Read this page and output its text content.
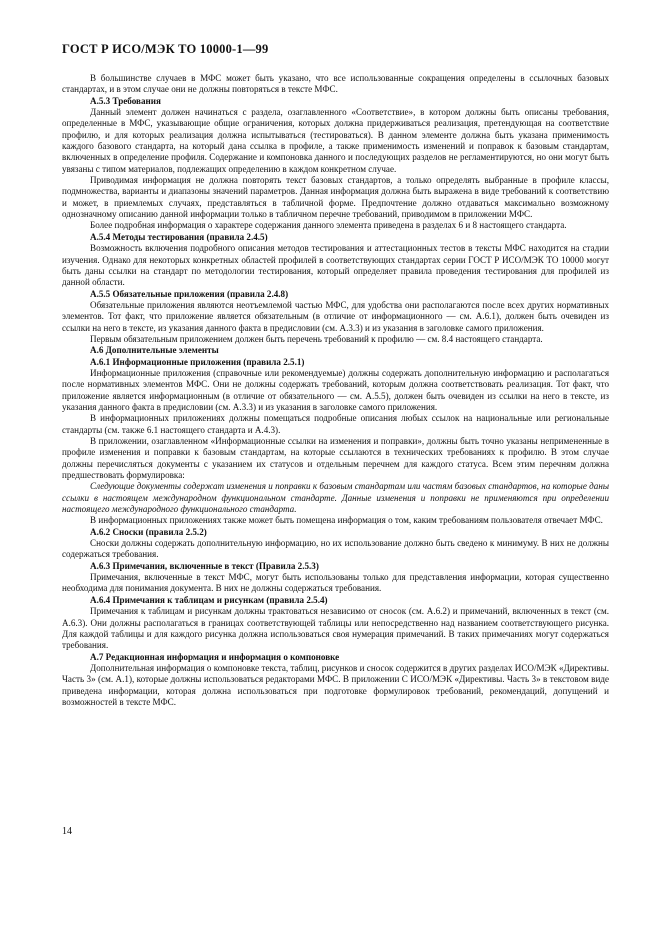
ГОСТ Р ИСО/МЭК ТО 10000-1—99

В большинстве случаев в МФС может быть указано, что все использованные сокращения определены в ссылочных базовых стандартах, и в этом случае они не должны повторяться в тексте МФС.

А.5.3 Требования

Данный элемент должен начинаться с раздела, озаглавленного «Соответствие», в котором должны быть описаны требования, определенные в МФС, указывающие общие ограничения, которых должна придерживаться реализация, претендующая на соответствие профилю, и для которых реализация должна испытываться (тестироваться). В данном элементе должна быть указана применимость каждого базового стандарта, на который дана ссылка в профиле, а также применимость изменений и поправок к базовым стандартам, включенных в определение профиля. Содержание и компоновка данного и последующих разделов не регламентируются, но они могут быть увязаны с типом материалов, подлежащих определению в каждом конкретном случае.

Приводимая информация не должна повторять текст базовых стандартов, а только определять выбранные в профиле классы, подмножества, варианты и диапазоны значений параметров. Данная информация должна быть выражена в виде требований к соответствию и может, в приемлемых случаях, представляться в табличной форме. Предпочтение должно отдаваться максимально возможному однозначному описанию данной информации только в табличном перечне требований, приводимом в приложении МФС.

Более подробная информация о характере содержания данного элемента приведена в разделах 6 и 8 настоящего стандарта.

А.5.4 Методы тестирования (правила 2.4.5)

Возможность включения подробного описания методов тестирования и аттестационных тестов в тексты МФС находится на стадии изучения. Однако для некоторых конкретных областей профилей в соответствующих стандартах серии ГОСТ Р ИСО/МЭК ТО 10000 могут быть даны ссылки на стандарт по методологии тестирования, который определяет правила проведения тестирования для профилей из данной области.

А.5.5 Обязательные приложения (правила 2.4.8)

Обязательные приложения являются неотъемлемой частью МФС, для удобства они располагаются после всех других нормативных элементов. Тот факт, что приложение является обязательным (в отличие от информационного — см. А.6.1), должен быть очевиден из ссылки на него в тексте, из указания данного факта в предисловии (см. А.3.3) и из указания в заголовке самого приложения.

Первым обязательным приложением должен быть перечень требований к профилю — см. 8.4 настоящего стандарта.

А.6 Дополнительные элементы
А.6.1 Информационные приложения (правила 2.5.1)

Информационные приложения (справочные или рекомендуемые) должны содержать дополнительную информацию и располагаться после нормативных элементов МФС. Они не должны содержать требований, которым должна соответствовать реализация. Тот факт, что приложение является информационным (в отличие от обязательного — см. А.5.5), должен быть очевиден из ссылки на него в тексте, из указания данного факта в предисловии (см. А.3.3) и из указания в заголовке самого приложения.

В информационных приложениях должны помещаться подробные описания любых ссылок на национальные или региональные стандарты (см. также 6.1 настоящего стандарта и А.4.3).

В приложении, озаглавленном «Информационные ссылки на изменения и поправки», должны быть точно указаны непримененные в профиле изменения и поправки к базовым стандартам, на которые ссылаются в технических требованиях к профилю. В этом случае должны перечисляться документы с указанием их статусов и отдельным перечнем для каждого статуса. Всем этим перечням должна предшествовать формулировка:

Следующие документы содержат изменения и поправки к базовым стандартам или частям базовых стандартов, на которые даны ссылки в настоящем международном функциональном стандарте. Данные изменения и поправки не применяются при определении настоящего международного функционального стандарта.

В информационных приложениях также может быть помещена информация о том, каким требованиям пользователя отвечает МФС.

А.6.2 Сноски (правила 2.5.2)

Сноски должны содержать дополнительную информацию, но их использование должно быть сведено к минимуму. В них не должны содержаться требования.

А.6.3 Примечания, включенные в текст (Правила 2.5.3)

Примечания, включенные в текст МФС, могут быть использованы только для представления информации, которая существенно необходима для понимания документа. В них не должны содержаться требования.

А.6.4 Примечания к таблицам и рисункам (правила 2.5.4)

Примечания к таблицам и рисункам должны трактоваться независимо от сносок (см. А.6.2) и примечаний, включенных в текст (см. А.6.3). Они должны располагаться в границах соответствующей таблицы или непосредственно над названием соответствующего рисунка. Для каждой таблицы и для каждого рисунка должна использоваться своя нумерация примечаний. В таких примечаниях могут содержаться требования.

А.7 Редакционная информация и информация о компоновке

Дополнительная информация о компоновке текста, таблиц, рисунков и сносок содержится в других разделах ИСО/МЭК «Директивы. Часть 3» (см. А.1), которые должны использоваться редакторами МФС. В приложении С ИСО/МЭК «Директивы. Часть 3» в текстовом виде приведена информации, которая должна использоваться при подготовке формулировок требований, рекомендаций, допущений и возможностей в тексте МФС.

14
